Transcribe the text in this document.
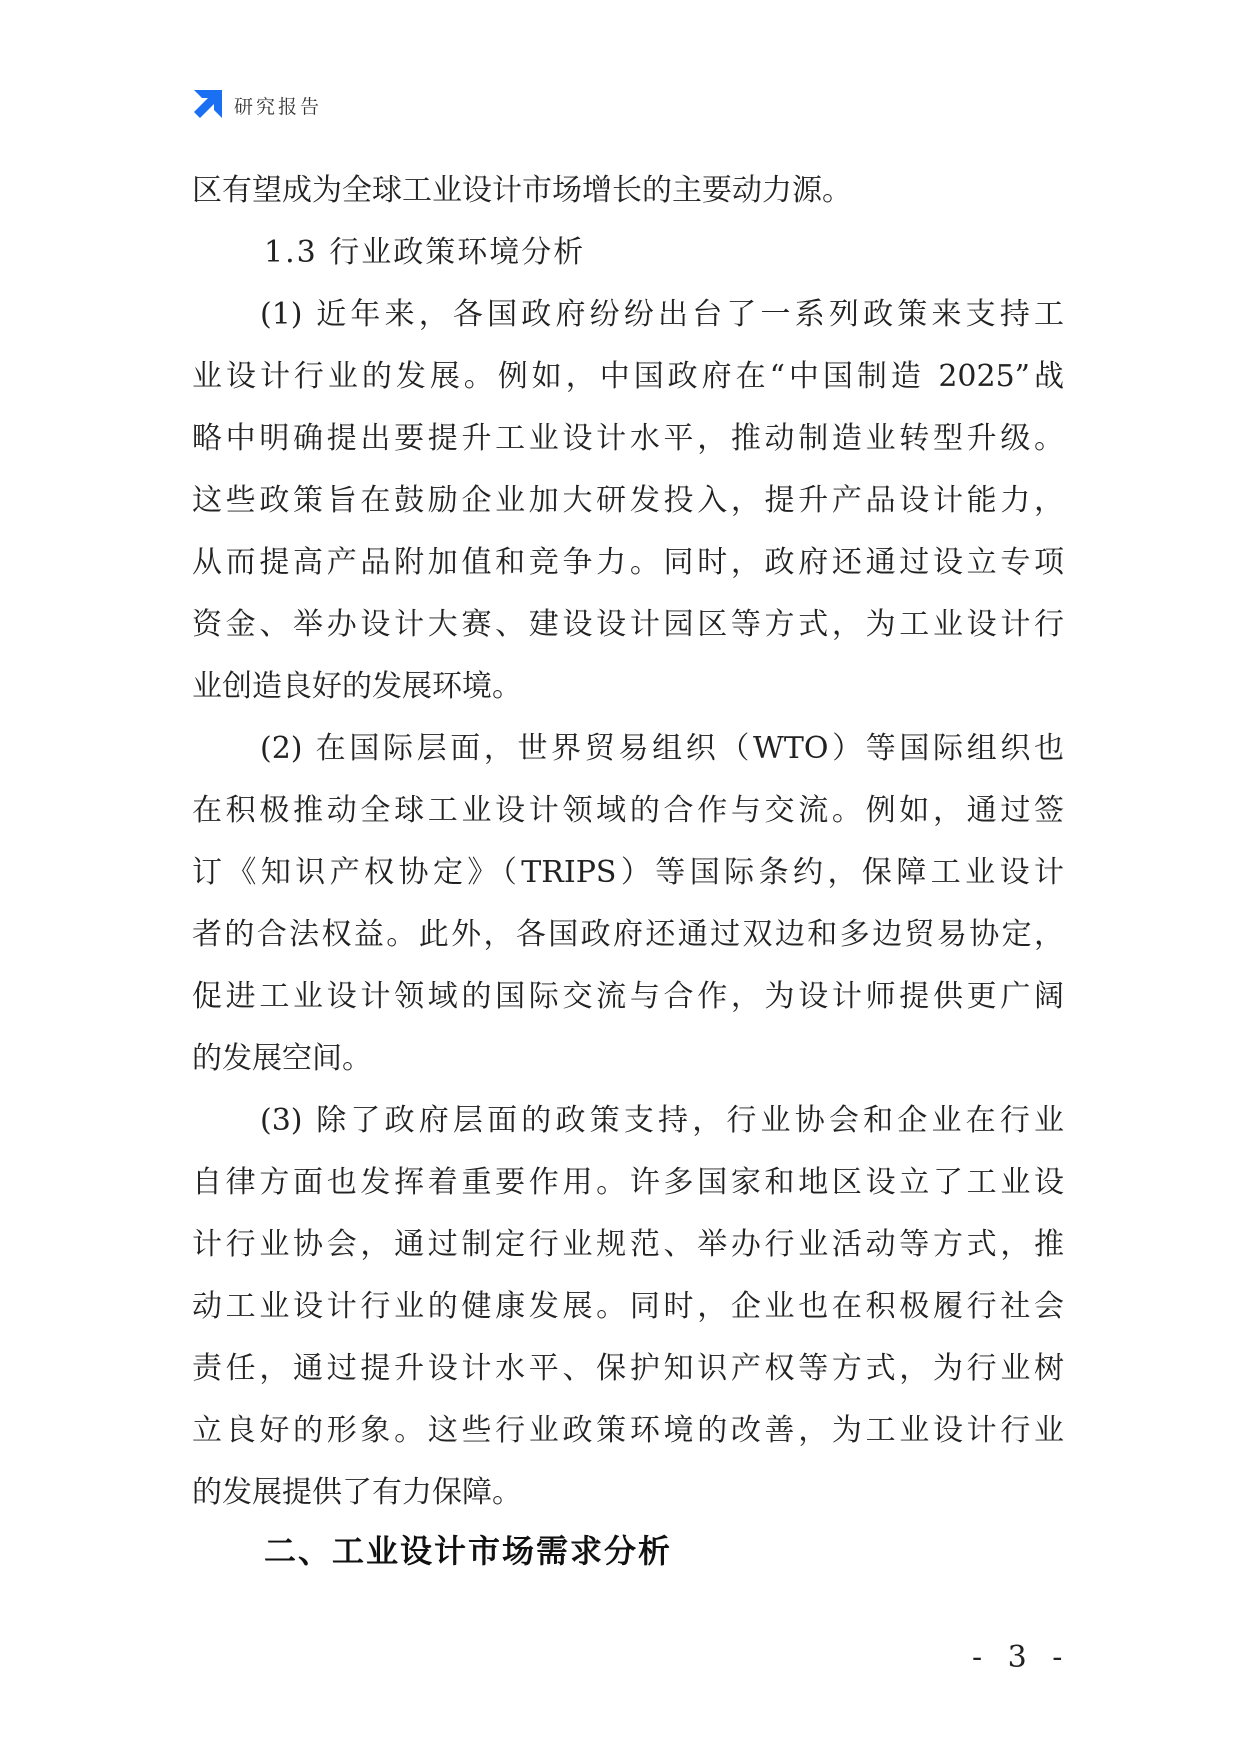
研究报告
区有望成为全球工业设计市场增长的主要动力源。
1.3 行业政策环境分析
(1) 近年来，各国政府纷纷出台了一系列政策来支持工
业设计行业的发展。例如，中国政府在“中国制造 2025”战
略中明确提出要提升工业设计水平，推动制造业转型升级。
这些政策旨在鼓励企业加大研发投入，提升产品设计能力，
从而提高产品附加值和竞争力。同时，政府还通过设立专项
资金、举办设计大赛、建设设计园区等方式，为工业设计行
业创造良好的发展环境。
(2) 在国际层面，世界贸易组织（WTO）等国际组织也
在积极推动全球工业设计领域的合作与交流。例如，通过签
订《知识产权协定》（TRIPS）等国际条约，保障工业设计
者的合法权益。此外，各国政府还通过双边和多边贸易协定，
促进工业设计领域的国际交流与合作，为设计师提供更广阔
的发展空间。
(3) 除了政府层面的政策支持，行业协会和企业在行业
自律方面也发挥着重要作用。许多国家和地区设立了工业设
计行业协会，通过制定行业规范、举办行业活动等方式，推
动工业设计行业的健康发展。同时，企业也在积极履行社会
责任，通过提升设计水平、保护知识产权等方式，为行业树
立良好的形象。这些行业政策环境的改善，为工业设计行业
的发展提供了有力保障。
二、工业设计市场需求分析
- 3 -
